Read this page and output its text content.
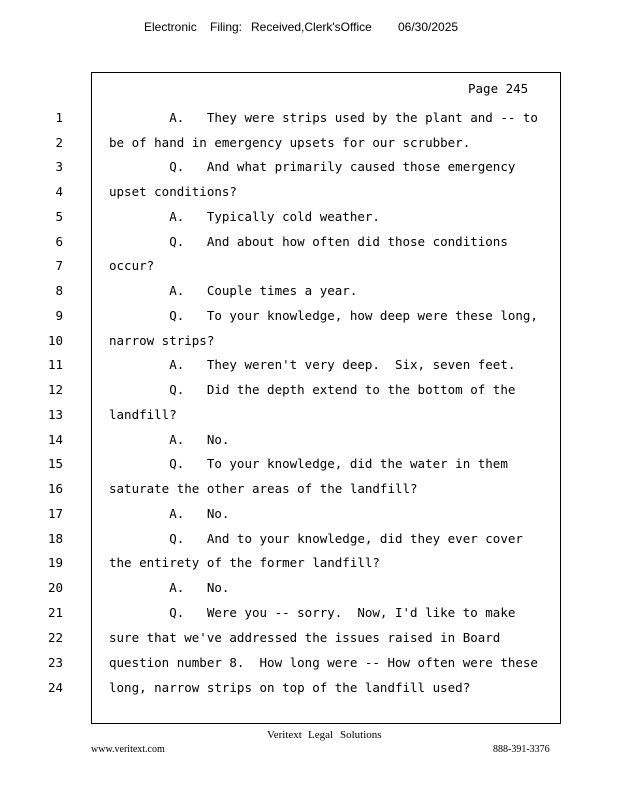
Electronic Filing: Received,Clerk'sOffice 06/30/2025
Page 245
1	A.   They were strips used by the plant and -- to
2	be of hand in emergency upsets for our scrubber.
3	Q.   And what primarily caused those emergency
4	upset conditions?
5	A.   Typically cold weather.
6	Q.   And about how often did those conditions
7	occur?
8	A.   Couple times a year.
9	Q.   To your knowledge, how deep were these long,
10	narrow strips?
11	A.   They weren't very deep.  Six, seven feet.
12	Q.   Did the depth extend to the bottom of the
13	landfill?
14	A.   No.
15	Q.   To your knowledge, did the water in them
16	saturate the other areas of the landfill?
17	A.   No.
18	Q.   And to your knowledge, did they ever cover
19	the entirety of the former landfill?
20	A.   No.
21	Q.   Were you -- sorry.  Now, I'd like to make
22	sure that we've addressed the issues raised in Board
23	question number 8.  How long were -- How often were these
24	long, narrow strips on top of the landfill used?
Veritext Legal Solutions
www.veritext.com	888-391-3376
